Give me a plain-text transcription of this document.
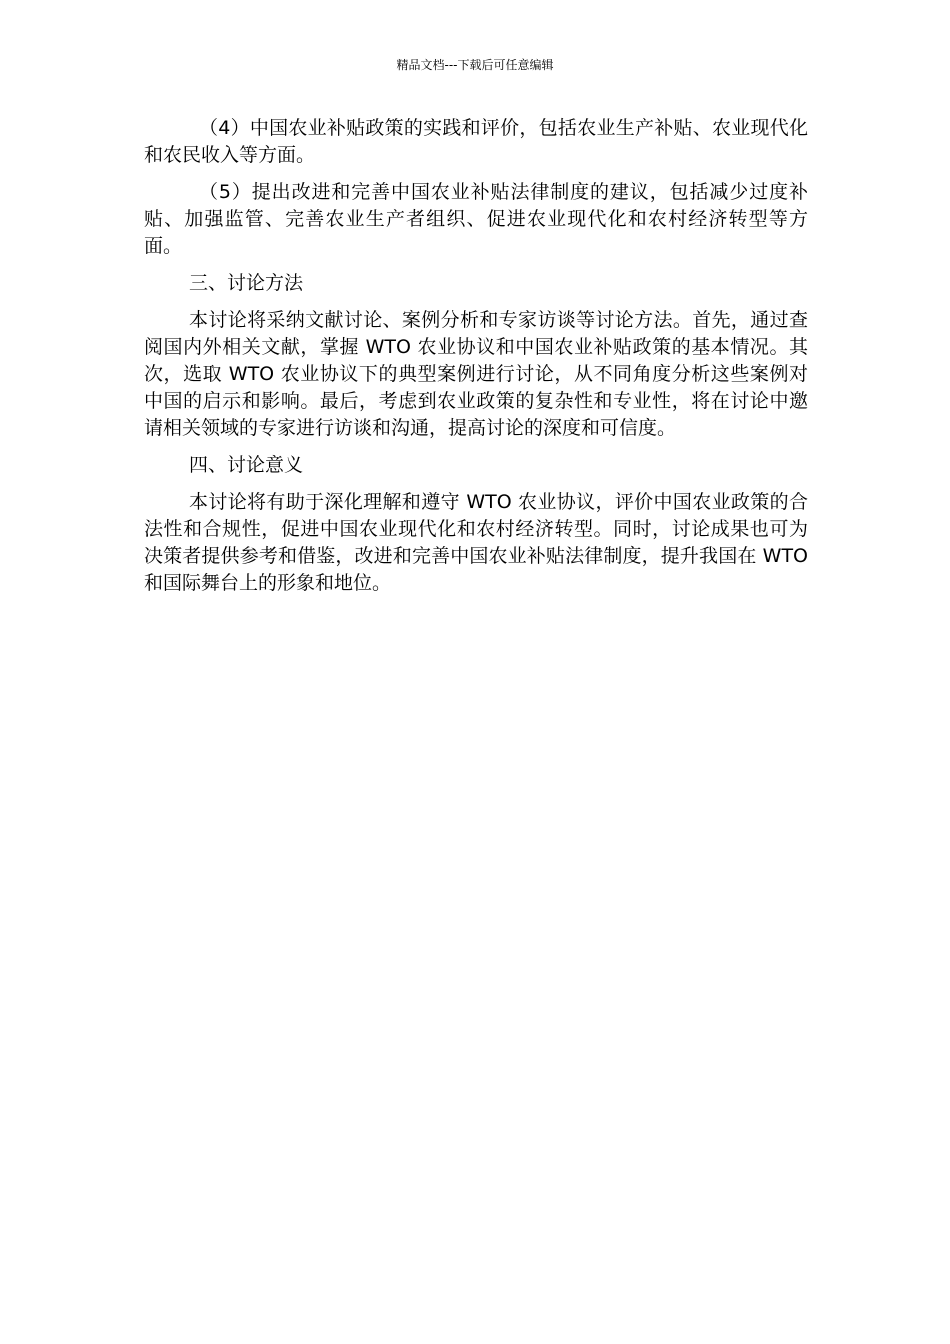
精品文档---下载后可任意编辑

（4）中国农业补贴政策的实践和评价，包括农业生产补贴、农业现代化和农民收入等方面。

（5）提出改进和完善中国农业补贴法律制度的建议，包括减少过度补贴、加强监管、完善农业生产者组织、促进农业现代化和农村经济转型等方面。

三、讨论方法

本讨论将采纳文献讨论、案例分析和专家访谈等讨论方法。首先，通过查阅国内外相关文献，掌握 WTO 农业协议和中国农业补贴政策的基本情况。其次，选取 WTO 农业协议下的典型案例进行讨论，从不同角度分析这些案例对中国的启示和影响。最后，考虑到农业政策的复杂性和专业性，将在讨论中邀请相关领域的专家进行访谈和沟通，提高讨论的深度和可信度。

四、讨论意义

本讨论将有助于深化理解和遵守 WTO 农业协议，评价中国农业政策的合法性和合规性，促进中国农业现代化和农村经济转型。同时，讨论成果也可为决策者提供参考和借鉴，改进和完善中国农业补贴法律制度，提升我国在 WTO 和国际舞台上的形象和地位。
